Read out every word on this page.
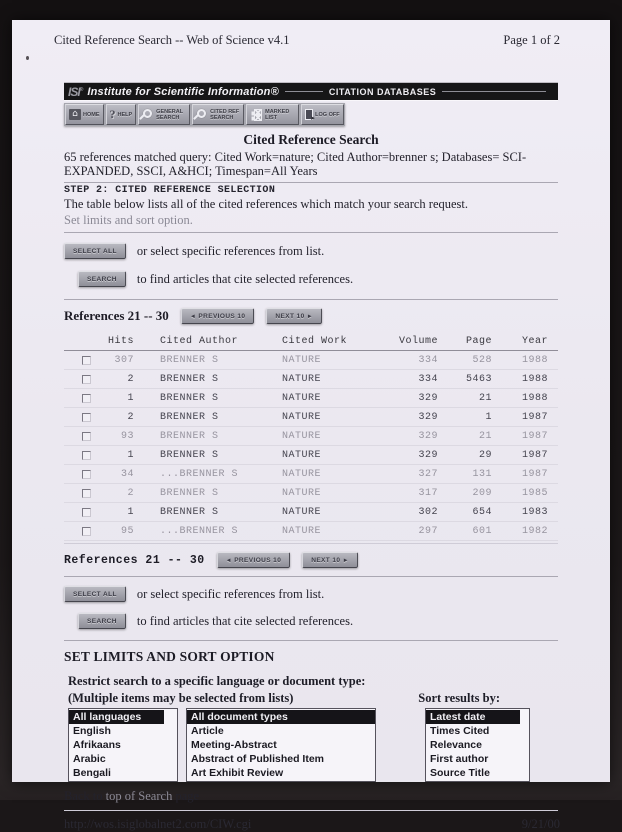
Cited Reference Search -- Web of Science v4.1	Page 1 of 2
ISI® Institute for Scientific Information®	CITATION DATABASES
⌂ HOME ? HELP	GENERAL SEARCH
CITED REF SEARCH
MARKED LIST ➤	LOG OFF
Cited Reference Search

65 references matched query: Cited Work=nature; Cited Author=brenner s; Databases= SCI-EXPANDED, SSCI, A&HCI; Timespan=All Years

STEP 2: CITED REFERENCE SELECTION

The table below lists all of the cited references which match your search request.

Set limits and sort option.

SELECT ALL	or select specific references from list.
SEARCH	to find articles that cite selected references.
References 21 -- 30	◄ PREVIOUS 10	NEXT 10 ►
Hits	Cited Author	Cited Work	Volume	Page	Year
307	BRENNER S	NATURE	334	528	1988
2	BRENNER S	NATURE	334	5463	1988
1	BRENNER S	NATURE	329	21	1988
2	BRENNER S	NATURE	329	1	1987
93	BRENNER S	NATURE	329	21	1987
1	BRENNER S	NATURE	329	29	1987
34	...BRENNER S	NATURE	327	131	1987
2	BRENNER S	NATURE	317	209	1985
1	BRENNER S	NATURE	302	654	1983
95	...BRENNER S	NATURE	297	601	1982
References 21 -- 30	◄ PREVIOUS 10	NEXT 10 ►
SELECT ALL	or select specific references from list.
SEARCH	to find articles that cite selected references.
SET LIMITS AND SORT OPTION
Restrict search to a specific language or document type:
(Multiple items may be selected from lists)	Sort results by:
All languages
English
Afrikaans
Arabic
Bengali
All document types
Article
Meeting-Abstract
Abstract of Published Item
Art Exhibit Review
Latest date
Times Cited
Relevance
First author
Source Title
Back to top of Search page
http://wos.isiglobalnet2.com/CIW.cgi	9/21/00
